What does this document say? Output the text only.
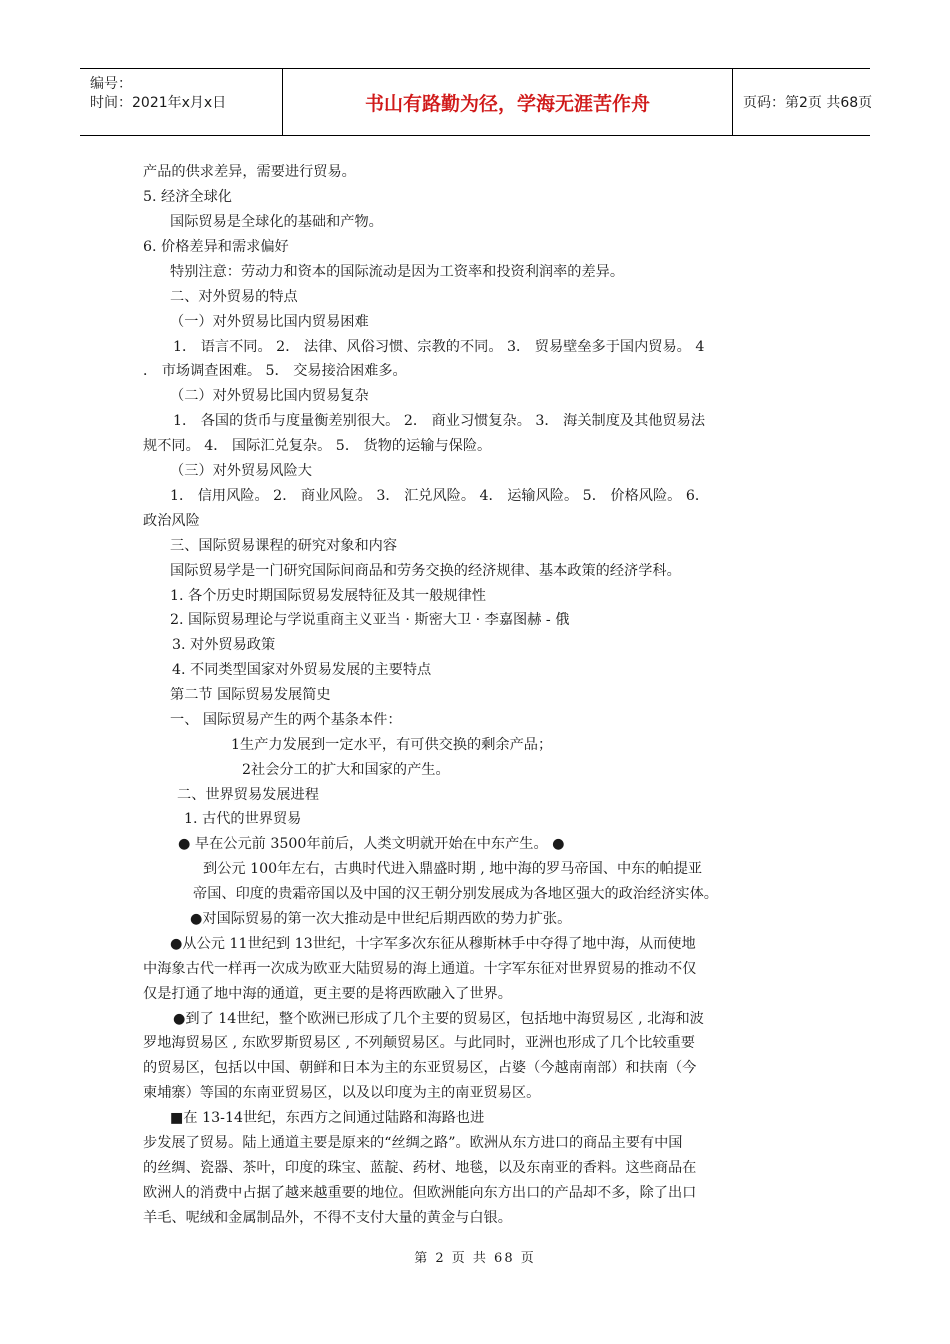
编号：
时间：2021年x月x日	书山有路勤为径，学海无涯苦作舟	页码：第2页 共68页
产品的供求差异，需要进行贸易。
5. 经济全球化
国际贸易是全球化的基础和产物。
6. 价格差异和需求偏好
特别注意：劳动力和资本的国际流动是因为工资率和投资利润率的差异。
二、对外贸易的特点
（一）对外贸易比国内贸易困难
1． 语言不同。 2． 法律、风俗习惯、宗教的不同。 3． 贸易壁垒多于国内贸易。 4
． 市场调查困难。 5． 交易接洽困难多。
（二）对外贸易比国内贸易复杂
1． 各国的货币与度量衡差别很大。 2． 商业习惯复杂。 3． 海关制度及其他贸易法
规不同。 4． 国际汇兑复杂。 5． 货物的运输与保险。
（三）对外贸易风险大
1． 信用风险。 2． 商业风险。 3． 汇兑风险。 4． 运输风险。 5． 价格风险。 6．
政治风险
三、国际贸易课程的研究对象和内容
国际贸易学是一门研究国际间商品和劳务交换的经济规律、基本政策的经济学科。
1. 各个历史时期国际贸易发展特征及其一般规律性
2. 国际贸易理论与学说重商主义亚当 · 斯密大卫 · 李嘉图赫 - 俄
3. 对外贸易政策
4. 不同类型国家对外贸易发展的主要特点
第二节 国际贸易发展简史
一、 国际贸易产生的两个基条本件：
1生产力发展到一定水平，有可供交换的剩余产品；
2社会分工的扩大和国家的产生。
二、世界贸易发展进程
1. 古代的世界贸易
● 早在公元前 3500年前后，人类文明就开始在中东产生。 ●
到公元 100年左右，古典时代进入鼎盛时期 , 地中海的罗马帝国、中东的帕提亚
帝国、印度的贵霜帝国以及中国的汉王朝分别发展成为各地区强大的政治经济实体。
●对国际贸易的第一次大推动是中世纪后期西欧的势力扩张。
●从公元 11世纪到 13世纪，十字军多次东征从穆斯林手中夺得了地中海，从而使地
中海象古代一样再一次成为欧亚大陆贸易的海上通道。十字军东征对世界贸易的推动不仅
仅是打通了地中海的通道，更主要的是将西欧融入了世界。
●到了 14世纪，整个欧洲已形成了几个主要的贸易区，包括地中海贸易区 , 北海和波
罗地海贸易区 , 东欧罗斯贸易区 , 不列颠贸易区。与此同时，亚洲也形成了几个比较重要
的贸易区，包括以中国、朝鲜和日本为主的东亚贸易区，占婆（今越南南部）和扶南（今
柬埔寨）等国的东南亚贸易区，以及以印度为主的南亚贸易区。
■在 13-14世纪，东西方之间通过陆路和海路也进
步发展了贸易。陆上通道主要是原来的“丝绸之路”。欧洲从东方进口的商品主要有中国
的丝绸、瓷器、茶叶，印度的珠宝、蓝靛、药材、地毯，以及东南亚的香料。这些商品在
欧洲人的消费中占据了越来越重要的地位。但欧洲能向东方出口的产品却不多，除了出口
羊毛、呢绒和金属制品外，不得不支付大量的黄金与白银。
第 2 页 共 68 页
